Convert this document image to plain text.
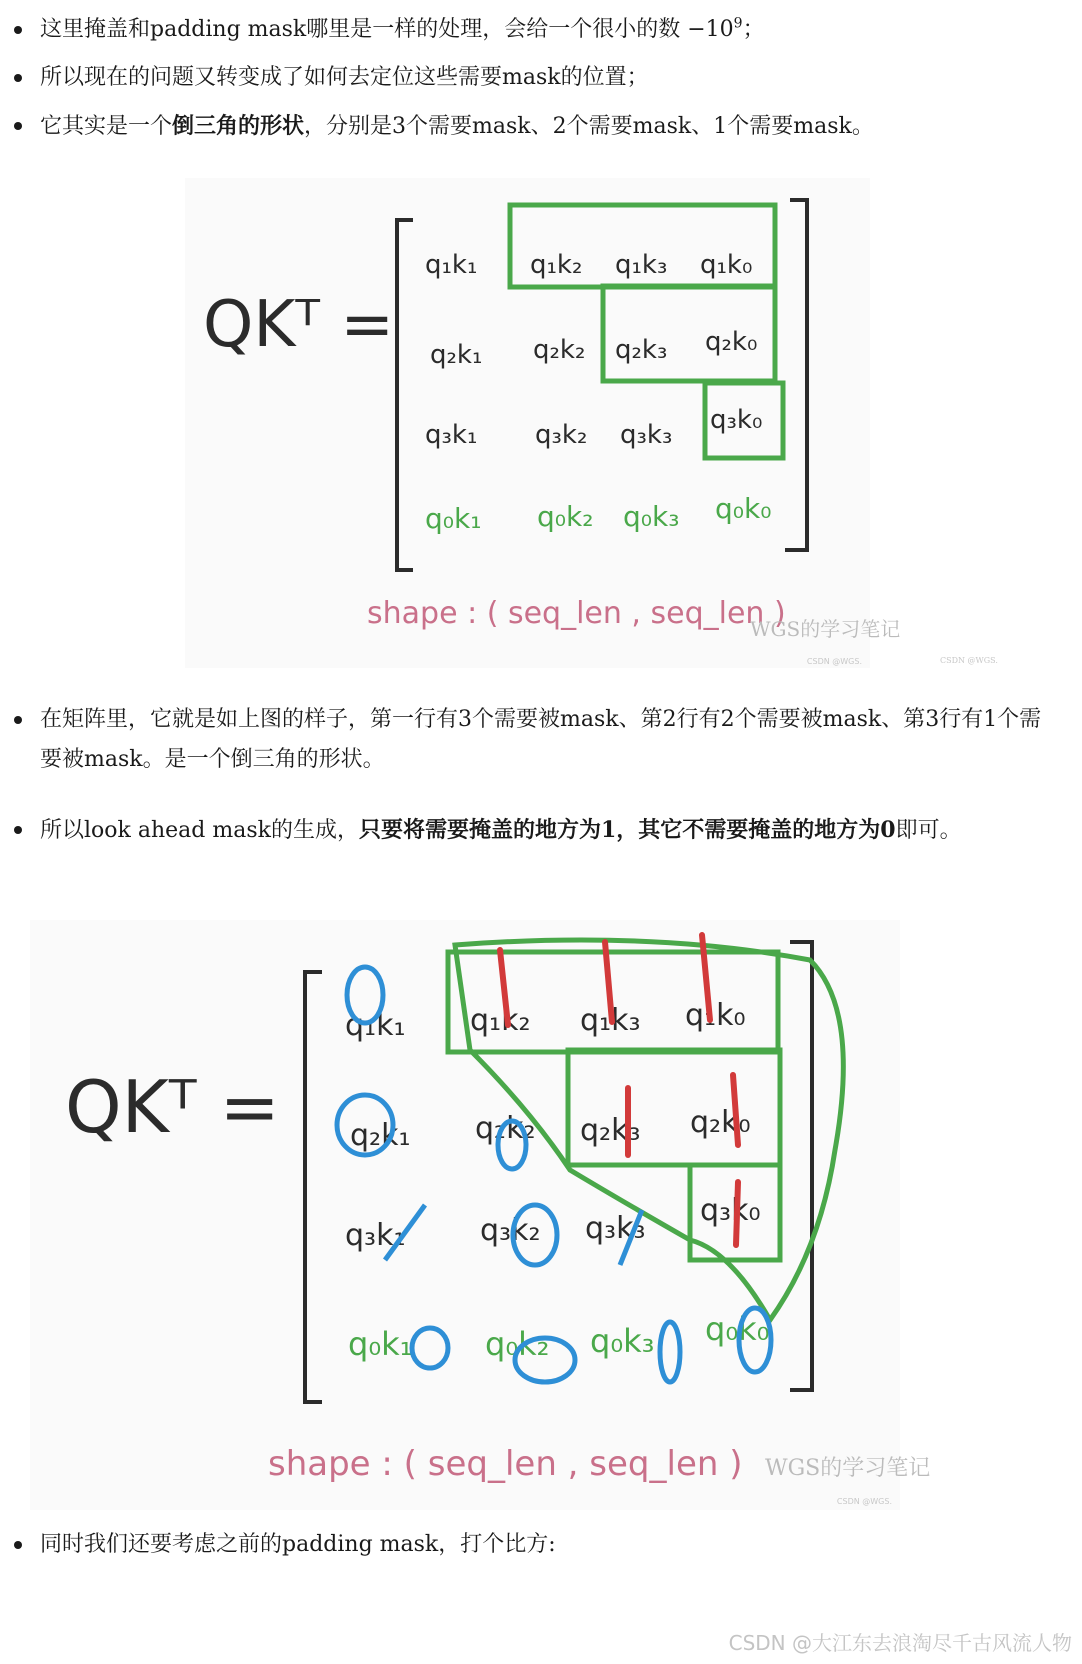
这里掩盖和padding mask哪里是一样的处理，会给一个很小的数 $-10^9$；
所以现在的问题又转变成了如何去定位这些需要mask的位置；
它其实是一个倒三角的形状，分别是3个需要mask、2个需要mask、1个需要mask。
QKᵀ =
q₁k₁ q₁k₂ q₁k₃ q₁k₀
q₂k₁ q₂k₂ q₂k₃ q₂k₀
q₃k₁ q₃k₂ q₃k₃ q₃k₀
q₀k₁ q₀k₂ q₀k₃ q₀k₀
shape : ( seq_len , seq_len )
WGS的学习笔记
CSDN @WGS.
CSDN @WGS.
在矩阵里，它就是如上图的样子，第一行有3个需要被mask、第2行有2个需要被mask、第3行有1个需要被mask。是一个倒三角的形状。
所以look ahead mask的生成，只要将需要掩盖的地方为1，其它不需要掩盖的地方为0即可。
QKᵀ =
q₁k₁ q₁k₂ q₁k₃ q₁k₀
q₂k₁ q₂k₂ q₂k₃ q₂k₀
q₃k₁ q₃k₂ q₃k₃
q₃k₀
q₀k₁ q₀k₂ q₀k₃ q₀k₀
shape : ( seq_len , seq_len ) WGS的学习笔记
CSDN @WGS.
同时我们还要考虑之前的padding mask，打个比方:
CSDN @大江东去浪淘尽千古风流人物
